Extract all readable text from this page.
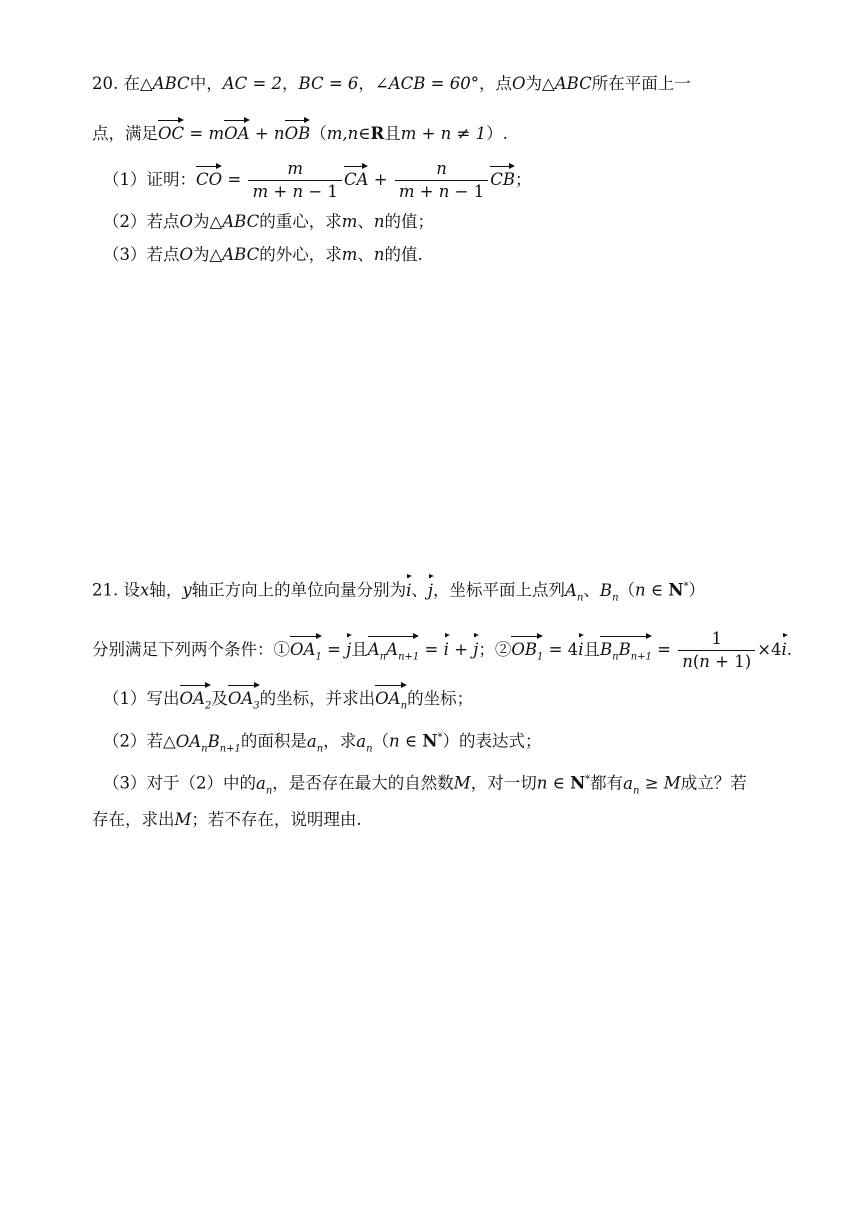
20. 在△ABC中，AC = 2，BC = 6，∠ACB = 60°，点O为△ABC所在平面上一
点，满足OC = mOA + nOB（m,n∈R且m + n ≠ 1）.
（1）证明：CO = $\frac{m}{m + n - 1}$ CA + $\frac{n}{m + n - 1}$ CB；
（2）若点O为△ABC的重心，求m、n的值；
（3）若点O为△ABC的外心，求m、n的值.
21. 设x轴，y轴正方向上的单位向量分别为i、j，坐标平面上点列$A_n$、$B_n(n$ ∈ N*）
分别满足下列两个条件：$①OA_1 = j$且$A_nA_{n+1} = i + j$；$②OB_1 = 4i$且$B_nB_{n+1} = \frac{1}{n(n + 1)} \times 4i$.
（1）写出$OA_2$及$OA_3$的坐标，并求出$OA_n$的坐标；
（2）若$\triangle OA_nB_{n+1}$的面积是$a_n$，求$a_n(n$ ∈ N*）的表达式；
（3）对于（2）中的$a_n$，是否存在最大的自然数M，对一切n ∈ N*都有$a_n \ge M$成立？若
存在，求出M；若不存在，说明理由.
